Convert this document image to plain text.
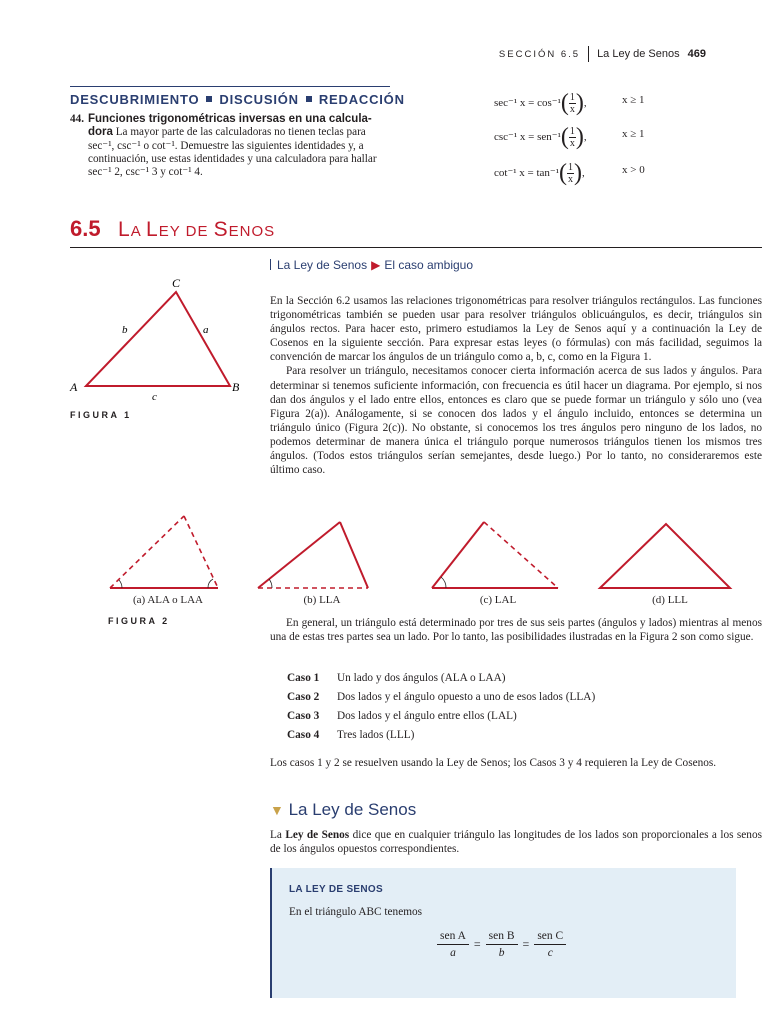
SECCIÓN 6.5 La Ley de Senos 469
DESCUBRIMIENTO DISCUSIÓN REDACCIÓN
44. Funciones trigonométricas inversas en una calcula-dora La mayor parte de las calculadoras no tienen teclas para
sec⁻¹, csc⁻¹ o cot⁻¹. Demuestre las siguientes identidades y, a
continuación, use estas identidades y una calculadora para hallar
sec⁻¹ 2, csc⁻¹ 3 y cot⁻¹ 4.
sec⁻¹ $x = \cos^{-1}( \frac{1}{x}$ ),	x ≥ 1
csc⁻¹ $x = sen^{-1}( \frac{1}{x}$ ),	x ≥ 1
cot⁻¹ $x = \tan^{-1}( \frac{1}{x}$ ),	x > 0
6.5 LA LEY DE SENOS
La Ley de Senos ▶ El caso ambiguo
C
A	B
b	a
c
FIGURA 1

En la Sección 6.2 usamos las relaciones trigonométricas para resolver triángulos rectángulos. Las funciones trigonométricas también se pueden usar para resolver triángulos oblicuángulos, es decir, triángulos sin ángulos rectos. Para hacer esto, primero estudiamos la Ley de Senos aquí y a continuación la Ley de Cosenos en la siguiente sección. Para expresar estas leyes (o fórmulas) con más facilidad, seguimos la convención de marcar los ángulos de un triángulo como a, b, c, como en la Figura 1.

Para resolver un triángulo, necesitamos conocer cierta información acerca de sus lados y ángulos. Para determinar si tenemos suficiente información, con frecuencia es útil hacer un diagrama. Por ejemplo, si nos dan dos ángulos y el lado entre ellos, entonces es claro que se puede formar un triángulo y sólo uno (vea Figura 2(a)). Análogamente, si se conocen dos lados y el ángulo incluido, entonces se determina un triángulo único (Figura 2(c)). No obstante, si conocemos los tres ángulos pero ninguno de los lados, no podemos determinar de manera única el triángulo porque numerosos triángulos tienen los mismos tres ángulos. (Todos estos triángulos serían semejantes, desde luego.) Por lo tanto, no consideraremos este último caso.

(a) ALA o LAA	(b) LLA	(c) LAL	(d) LLL
FIGURA 2	En general, un triángulo está determinado por tres de sus seis partes (ángulos y lados) mientras al menos una de estas tres partes sea un lado. Por lo tanto, las posibilidades ilustradas en la Figura 2 son como sigue.

Caso 1	Un lado y dos ángulos (ALA o LAA)
Caso 2	Dos lados y el ángulo opuesto a uno de esos lados (LLA)
Caso 3	Dos lados y el ángulo entre ellos (LAL)
Caso 4	Tres lados (LLL)

Los casos 1 y 2 se resuelven usando la Ley de Senos; los Casos 3 y 4 requieren la Ley de Cosenos.

▼ La Ley de Senos

La Ley de Senos dice que en cualquier triángulo las longitudes de los lados son proporcionales a los senos de los ángulos opuestos correspondientes.

LA LEY DE SENOS
En el triángulo ABC tenemos
$\frac{\text{sen A}}{a} = \frac{\text{sen B}}{b} = \frac{\text{sen C}}{c}$
